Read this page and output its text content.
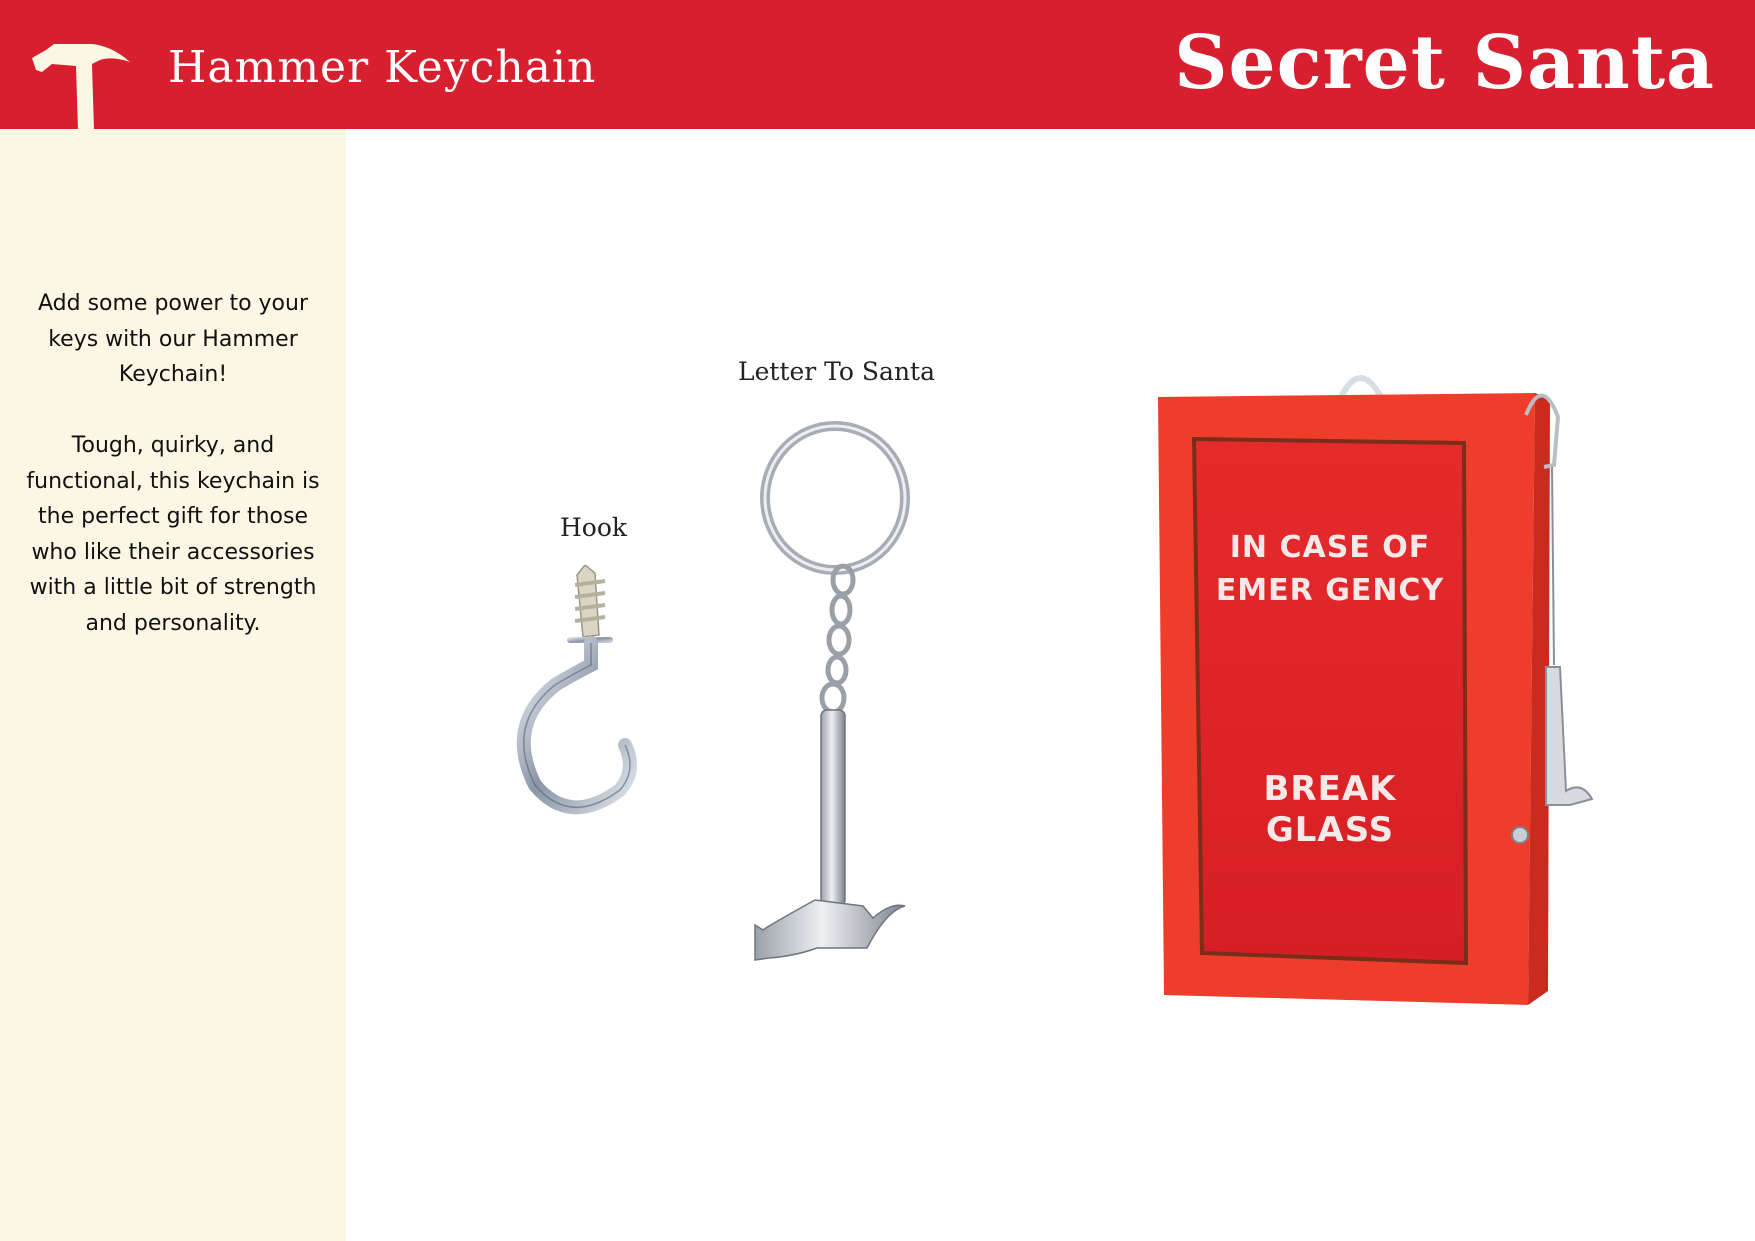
Hammer Keychain	Secret Santa

Add some power to your keys with our Hammer Keychain!

Tough, quirky, and functional, this keychain is the perfect gift for those who like their accessories with a little bit of strength and personality.

Hook
Letter To Santa
IN CASE OF
EMER GENCY
BREAK
GLASS
